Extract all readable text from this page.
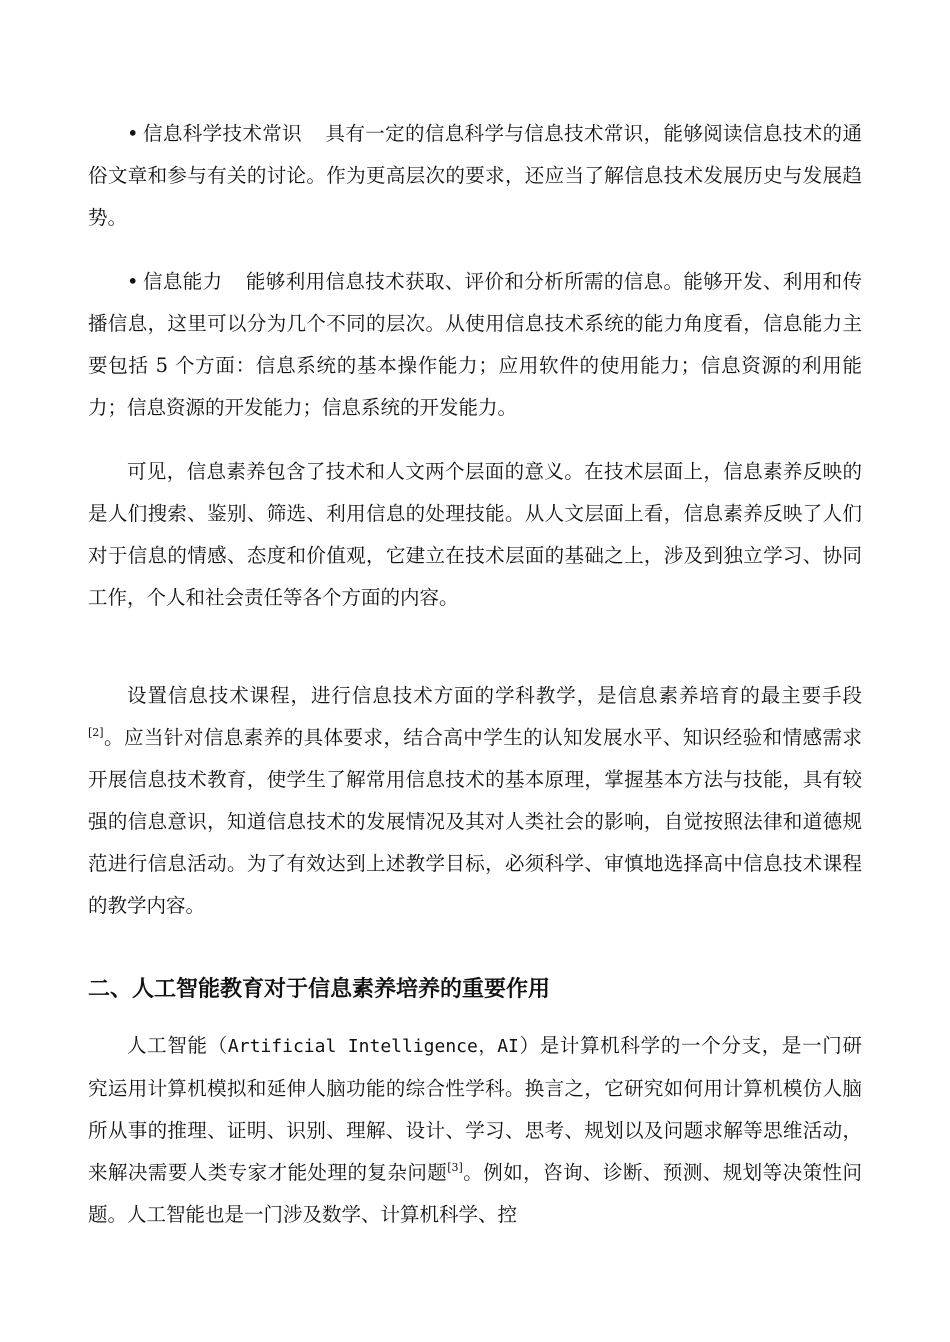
• 信息科学技术常识 具有一定的信息科学与信息技术常识，能够阅读信息技术的通俗文章和参与有关的讨论。作为更高层次的要求，还应当了解信息技术发展历史与发展趋势。

• 信息能力 能够利用信息技术获取、评价和分析所需的信息。能够开发、利用和传播信息，这里可以分为几个不同的层次。从使用信息技术系统的能力角度看，信息能力主要包括 5 个方面：信息系统的基本操作能力；应用软件的使用能力；信息资源的利用能力；信息资源的开发能力；信息系统的开发能力。

可见，信息素养包含了技术和人文两个层面的意义。在技术层面上，信息素养反映的是人们搜索、鉴别、筛选、利用信息的处理技能。从人文层面上看，信息素养反映了人们对于信息的情感、态度和价值观，它建立在技术层面的基础之上，涉及到独立学习、协同工作，个人和社会责任等各个方面的内容。

设置信息技术课程，进行信息技术方面的学科教学，是信息素养培育的最主要手段[2]。应当针对信息素养的具体要求，结合高中学生的认知发展水平、知识经验和情感需求开展信息技术教育，使学生了解常用信息技术的基本原理，掌握基本方法与技能，具有较强的信息意识，知道信息技术的发展情况及其对人类社会的影响，自觉按照法律和道德规范进行信息活动。为了有效达到上述教学目标，必须科学、审慎地选择高中信息技术课程的教学内容。

二、人工智能教育对于信息素养培养的重要作用

人工智能（Artificial Intelligence，AI）是计算机科学的一个分支，是一门研究运用计算机模拟和延伸人脑功能的综合性学科。换言之，它研究如何用计算机模仿人脑所从事的推理、证明、识别、理解、设计、学习、思考、规划以及问题求解等思维活动，来解决需要人类专家才能处理的复杂问题[3]。例如，咨询、诊断、预测、规划等决策性问题。人工智能也是一门涉及数学、计算机科学、控
